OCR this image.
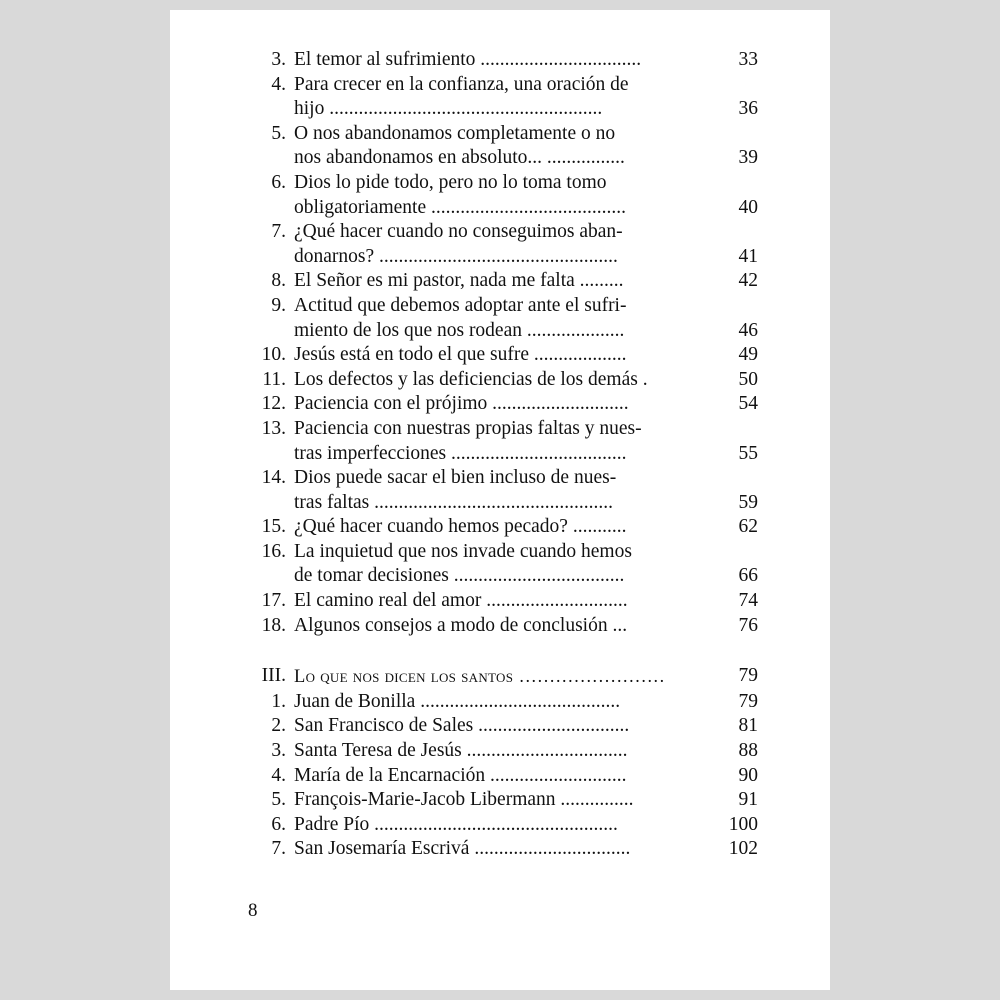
3. El temor al sufrimiento .................................	33
4. Para crecer en la confianza, una oración de
hijo ........................................................	36
5. O nos abandonamos completamente o no
nos abandonamos en absoluto... ................	39
6. Dios lo pide todo, pero no lo toma tomo
obligatoriamente ........................................	40
7. ¿Qué hacer cuando no conseguimos aban-
donarnos? .................................................	41
8. El Señor es mi pastor, nada me falta .........	42
9. Actitud que debemos adoptar ante el sufri-
miento de los que nos rodean ....................	46
10. Jesús está en todo el que sufre ...................	49
11. Los defectos y las deficiencias de los demás .	50
12. Paciencia con el prójimo ............................	54
13. Paciencia con nuestras propias faltas y nues-
tras imperfecciones ....................................	55
14. Dios puede sacar el bien incluso de nues-
tras faltas .................................................	59
15. ¿Qué hacer cuando hemos pecado? ...........	62
16. La inquietud que nos invade cuando hemos
de tomar decisiones ...................................	66
17. El camino real del amor .............................	74
18. Algunos consejos a modo de conclusión ...	76
III. Lo que nos dicen los santos ........................	79
1. Juan de Bonilla .........................................	79
2. San Francisco de Sales ...............................	81
3. Santa Teresa de Jesús .................................	88
4. María de la Encarnación ............................	90
5. François-Marie-Jacob Libermann ...............	91
6. Padre Pío ..................................................	100
7. San Josemaría Escrivá ................................	102
8
